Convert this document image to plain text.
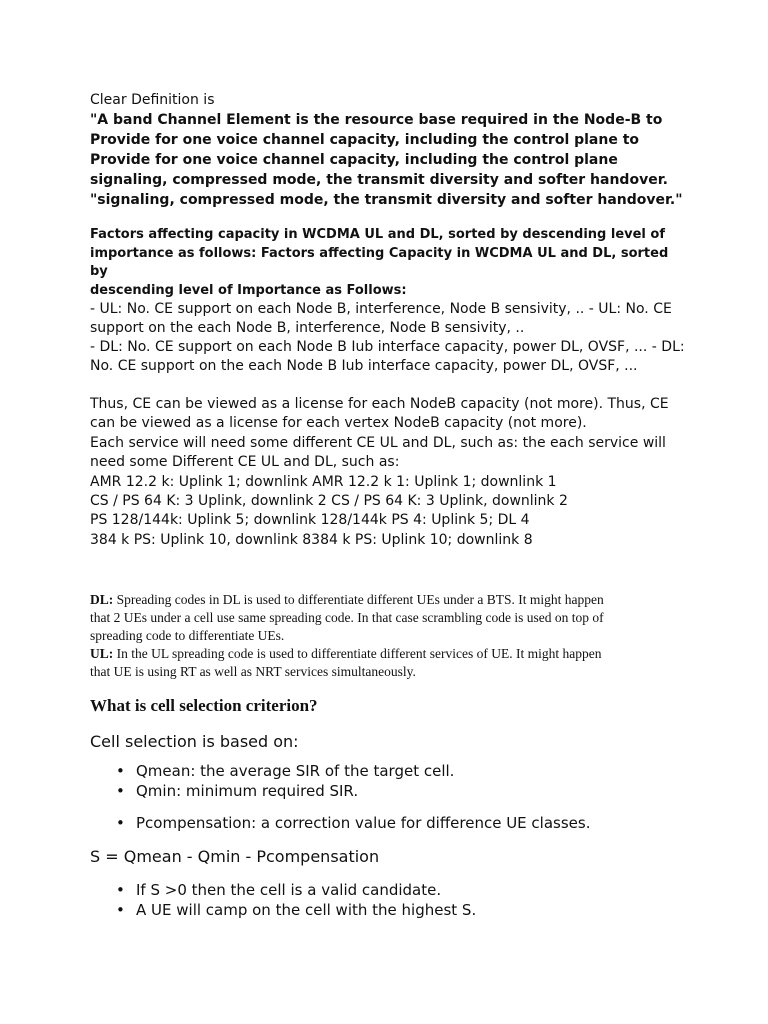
Clear Definition is

"A band Channel Element is the resource base required in the Node-B to
Provide for one voice channel capacity, including the control plane to
Provide for one voice channel capacity, including the control plane
signaling, compressed mode, the transmit diversity and softer handover.
"signaling, compressed mode, the transmit diversity and softer handover."

Factors affecting capacity in WCDMA UL and DL, sorted by descending level of
importance as follows: Factors affecting Capacity in WCDMA UL and DL, sorted by
descending level of Importance as Follows:

- UL: No. CE support on each Node B, interference, Node B sensivity, .. - UL: No. CE
support on the each Node B, interference, Node B sensivity, ..

- DL: No. CE support on each Node B Iub interface capacity, power DL, OVSF, ... - DL:
No. CE support on the each Node B Iub interface capacity, power DL, OVSF, ...

Thus, CE can be viewed as a license for each NodeB capacity (not more). Thus, CE
can be viewed as a license for each vertex NodeB capacity (not more).
Each service will need some different CE UL and DL, such as: the each service will
need some Different CE UL and DL, such as:
AMR 12.2 k: Uplink 1; downlink AMR 12.2 k 1: Uplink 1; downlink 1
CS / PS 64 K: 3 Uplink, downlink 2 CS / PS 64 K: 3 Uplink, downlink 2
PS 128/144k: Uplink 5; downlink 128/144k PS 4: Uplink 5; DL 4
384 k PS: Uplink 10, downlink 8384 k PS: Uplink 10; downlink 8

DL: Spreading codes in DL is used to differentiate different UEs under a BTS. It might happen
that 2 UEs under a cell use same spreading code. In that case scrambling code is used on top of
spreading code to differentiate UEs.
UL: In the UL spreading code is used to differentiate different services of UE. It might happen
that UE is using RT as well as NRT services simultaneously.

What is cell selection criterion?

Cell selection is based on:

• Qmean: the average SIR of the target cell.
• Qmin: minimum required SIR.
• Pcompensation: a correction value for difference UE classes.

S = Qmean - Qmin - Pcompensation

• If S >0 then the cell is a valid candidate.
• A UE will camp on the cell with the highest S.
